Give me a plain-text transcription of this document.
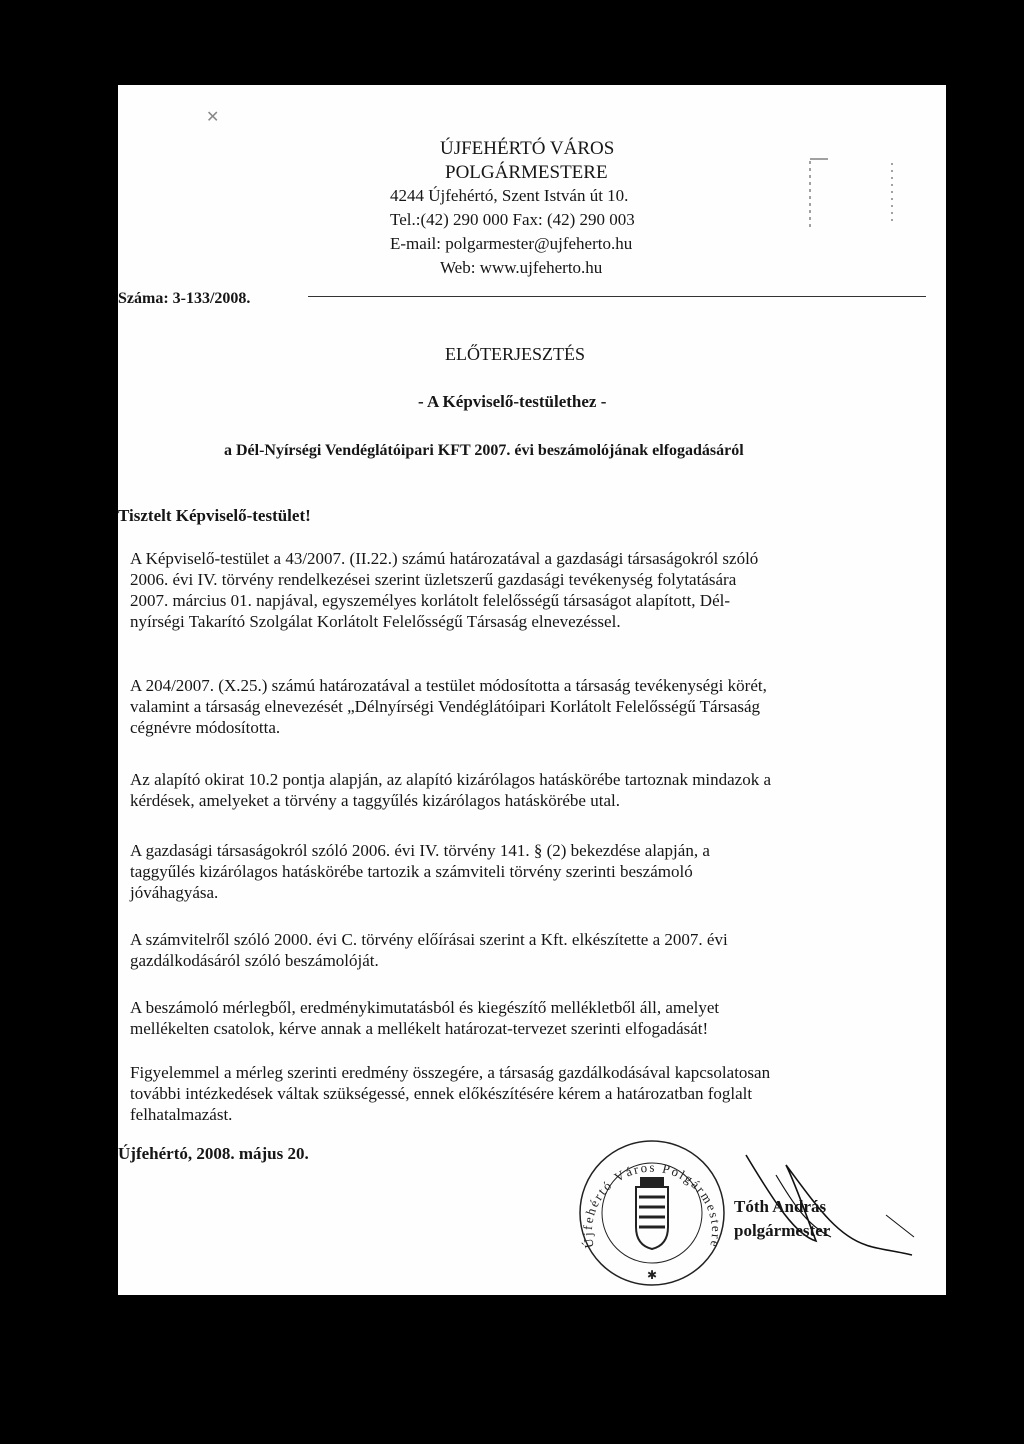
✕
ÚJFEHÉRTÓ VÁROS
POLGÁRMESTERE
4244 Újfehértó, Szent István út 10.
Tel.:(42) 290 000 Fax: (42) 290 003
E-mail: polgarmester@ujfeherto.hu
Web: www.ujfeherto.hu
Száma: 3-133/2008.
ELŐTERJESZTÉS
- A Képviselő-testülethez -
a Dél-Nyírségi Vendéglátóipari KFT 2007. évi beszámolójának elfogadásáról
Tisztelt Képviselő-testület!
A Képviselő-testület a 43/2007. (II.22.) számú határozatával a gazdasági társaságokról szóló
2006. évi IV. törvény rendelkezései szerint üzletszerű gazdasági tevékenység folytatására
2007. március 01. napjával, egyszemélyes korlátolt felelősségű társaságot alapított, Dél-
nyírségi Takarító Szolgálat Korlátolt Felelősségű Társaság elnevezéssel.
A 204/2007. (X.25.) számú határozatával a testület módosította a társaság tevékenységi körét,
valamint a társaság elnevezését „Délnyírségi Vendéglátóipari Korlátolt Felelősségű Társaság
cégnévre módosította.
Az alapító okirat 10.2 pontja alapján, az alapító kizárólagos hatáskörébe tartoznak mindazok a
kérdések, amelyeket a törvény a taggyűlés kizárólagos hatáskörébe utal.
A gazdasági társaságokról szóló 2006. évi IV. törvény 141. § (2) bekezdése alapján, a
taggyűlés kizárólagos hatáskörébe tartozik a számviteli törvény szerinti beszámoló
jóváhagyása.
A számvitelről szóló 2000. évi C. törvény előírásai szerint a Kft. elkészítette a 2007. évi
gazdálkodásáról szóló beszámolóját.
A beszámoló mérlegből, eredménykimutatásból és kiegészítő mellékletből áll, amelyet
mellékelten csatolok, kérve annak a mellékelt határozat-tervezet szerinti elfogadását!
Figyelemmel a mérleg szerinti eredmény összegére, a társaság gazdálkodásával kapcsolatosan
további intézkedések váltak szükségessé, ennek előkészítésére kérem a határozatban foglalt
felhatalmazást.
Újfehértó, 2008. május 20.
Újfehértó Város Polgármestere
✱
Tóth András
polgármester
